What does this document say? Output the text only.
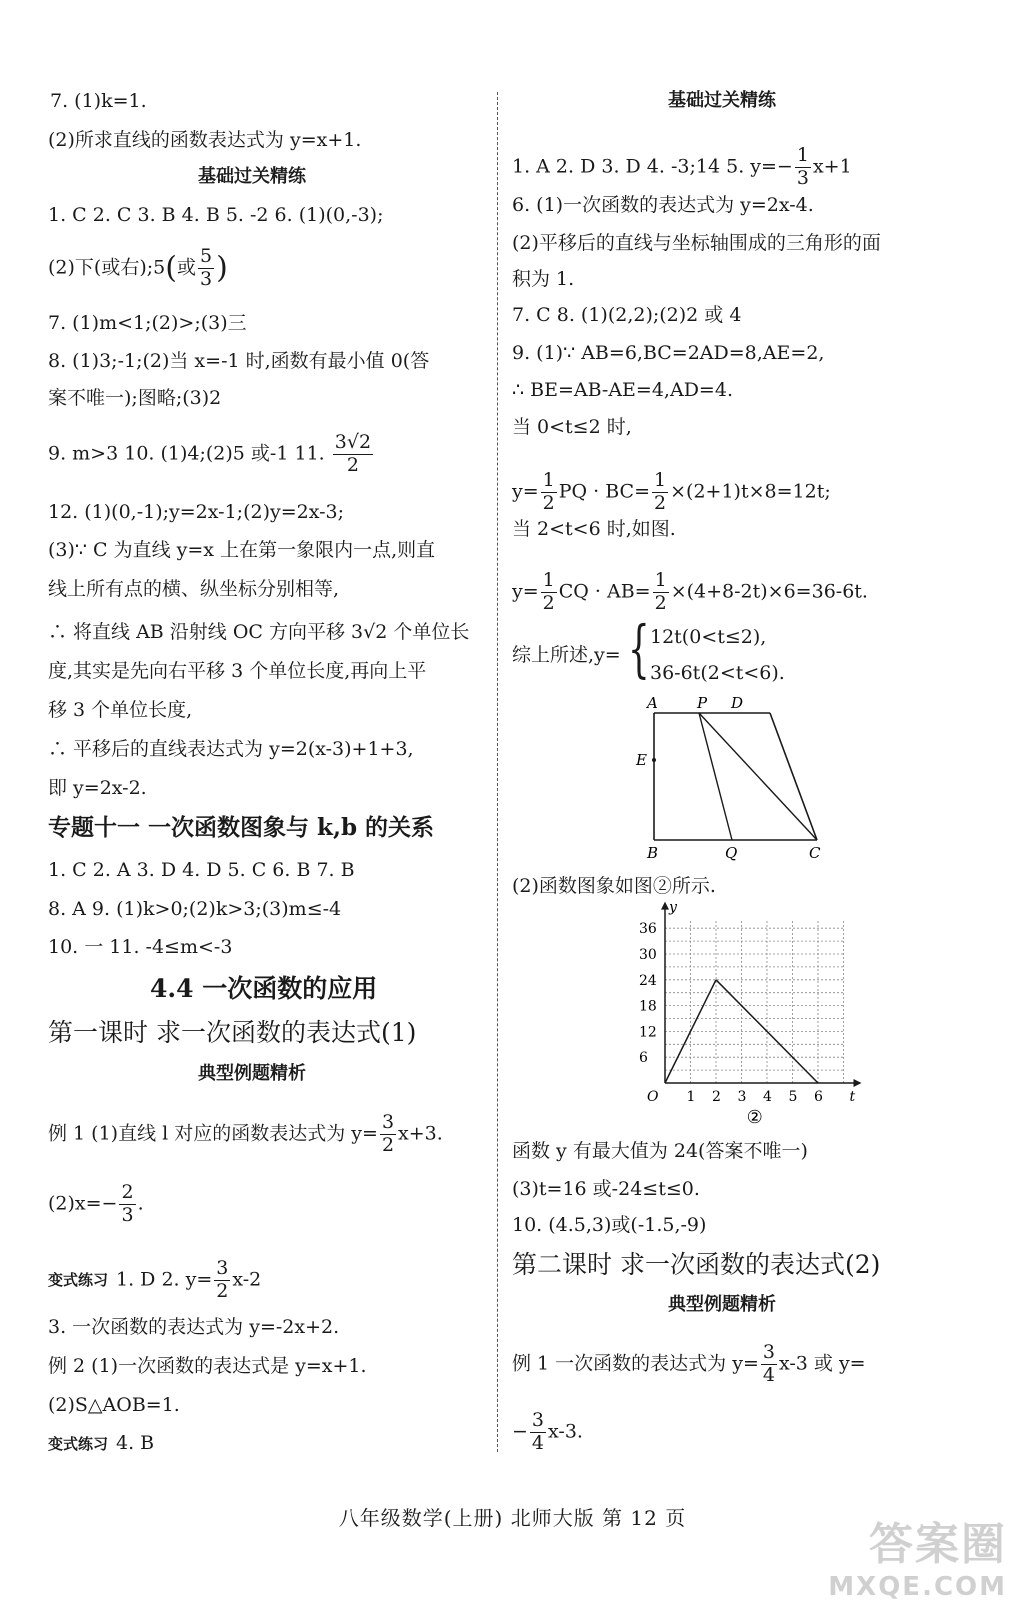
7. (1)k=1.
(2)所求直线的函数表达式为 y=x+1.
基础过关精练
1. C 2. C 3. B 4. B 5. -2 6. (1)(0,-3);
(2)下(或右);5(或 $\frac{5}{3}$ )
7. (1)m<1;(2)>;(3)三
8. (1)3;-1;(2)当 x=-1 时,函数有最小值 0(答
案不唯一);图略;(3)2
9. m>3 10. (1)4;(2)5 或-1 11. $\frac{3√2}{2}$
12. (1)(0,-1);y=2x-1;(2)y=2x-3;
(3)∵ C 为直线 y=x 上在第一象限内一点,则直
线上所有点的横、纵坐标分别相等,
∴ 将直线 AB 沿射线 OC 方向平移 3√2 个单位长
度,其实是先向右平移 3 个单位长度,再向上平
移 3 个单位长度,
∴ 平移后的直线表达式为 y=2(x-3)+1+3,
即 y=2x-2.
专题十一 一次函数图象与 k,b 的关系
1. C 2. A 3. D 4. D 5. C 6. B 7. B
8. A 9. (1)k>0;(2)k>3;(3)m≤-4
10. 一 11. -4≤m<-3
4.4 一次函数的应用
第一课时 求一次函数的表达式(1)
典型例题精析
例 1 (1)直线 l 对应的函数表达式为 $y= \frac{3}{2} x+3$.
$(2)x=- \frac{2}{3}$ .
变式练习 1. D 2. $y= \frac{3}{2} x-2$
3. 一次函数的表达式为 y=-2x+2.
例 2 (1)一次函数的表达式是 y=x+1.
(2)S△AOB=1.
变式练习 4. B
基础过关精练
1. A 2. D 3. D 4. -3;14 5. $y=- \frac{1}{3} x+1$
6. (1)一次函数的表达式为 y=2x-4.
(2)平移后的直线与坐标轴围成的三角形的面
积为 1.
7. C 8. (1)(2,2);(2)2 或 4
9. (1)∵ AB=6,BC=2AD=8,AE=2,
∴ BE=AB-AE=4,AD=4.
当 0<t≤2 时,
$y= \frac{1}{2}$ PQ · $BC= \frac{1}{2} \times(2+1)t\times 8=12t$;
当 2<t<6 时,如图.
$y= \frac{1}{2}$ CQ · $AB= \frac{1}{2} \times(4+8-2t)\times 6=36-6t$.
综上所述,y= { 12t(0<t≤2),
36-6t(2<t<6).
A	P D
E
B	Q	C
(2)函数图象如图②所示.
1 2 3 4 5 6
6
12
18
24
30
36
O	t
y
②
函数 y 有最大值为 24(答案不唯一)
(3)t=16 或-24≤t≤0.
10. (4.5,3)或(-1.5,-9)
第二课时 求一次函数的表达式(2)
典型例题精析
例 1 一次函数的表达式为 $y= \frac{3}{4} x-3$ 或 y=
− $\frac{3}{4} x-3$.
八年级数学(上册) 北师大版 第 12 页
答案圈
MXQE.COM
